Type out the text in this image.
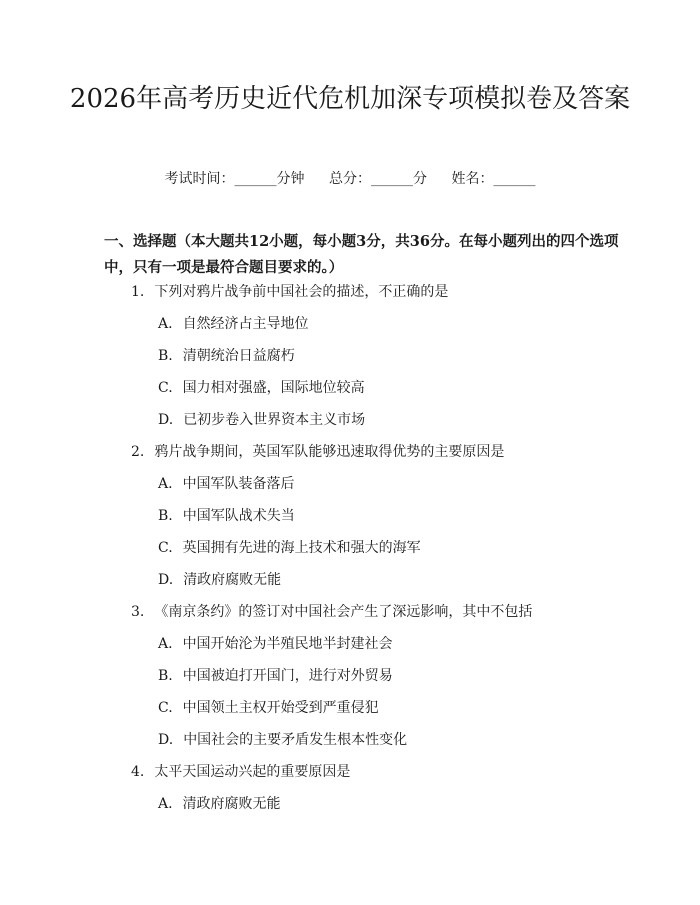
2026年高考历史近代危机加深专项模拟卷及答案
考试时间：______分钟 总分：______分 姓名：______

一、选择题（本大题共12小题，每小题3分，共36分。在每小题列出的四个选项中，只有一项是最符合题目要求的。）

1. 下列对鸦片战争前中国社会的描述，不正确的是

A. 自然经济占主导地位

B. 清朝统治日益腐朽

C. 国力相对强盛，国际地位较高

D. 已初步卷入世界资本主义市场

2. 鸦片战争期间，英国军队能够迅速取得优势的主要原因是

A. 中国军队装备落后

B. 中国军队战术失当

C. 英国拥有先进的海上技术和强大的海军

D. 清政府腐败无能

3. 《南京条约》的签订对中国社会产生了深远影响，其中不包括

A. 中国开始沦为半殖民地半封建社会

B. 中国被迫打开国门，进行对外贸易

C. 中国领土主权开始受到严重侵犯

D. 中国社会的主要矛盾发生根本性变化

4. 太平天国运动兴起的重要原因是

A. 清政府腐败无能
